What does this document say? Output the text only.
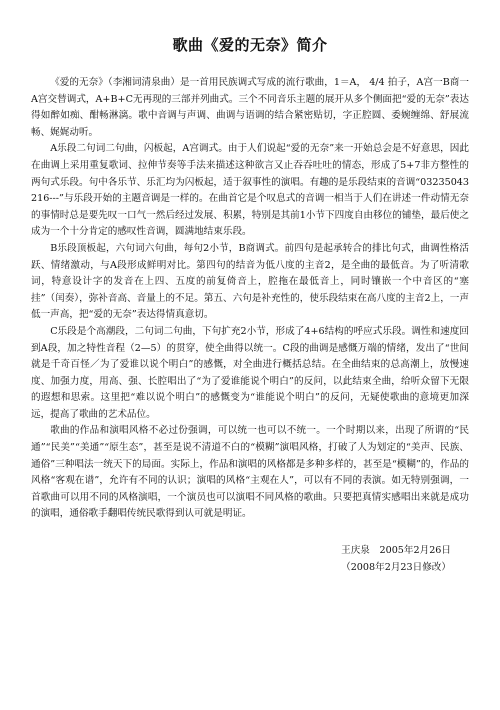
歌曲《爱的无奈》简介

《爱的无奈》（李湘词清泉曲）是一首用民族调式写成的流行歌曲，1＝A， 4/4 拍子，A宫一B商一A宫交替调式，A+B+C无再现的三部并列曲式。三个不同音乐主题的展开从多个侧面把“爱的无奈”表达得如醉如痴、酣畅淋漓。歌中音调与声调、曲调与语调的结合紧密贴切，字正腔圆、委婉缠绵、舒展流畅、娓娓动听。

A乐段二句词二句曲，闪板起，A宫调式。由于人们说起“爱的无奈”来一开始总会是不好意思，因此在曲调上采用重复歌词、拉伸节奏等手法来描述这种欲言又止吞吞吐吐的情态，形成了5+7非方整性的两句式乐段。句中各乐节、乐汇均为闪板起，适于叙事性的演唱。有趣的是乐段结束的音调“03235043216---”与乐段开始的主题音调是一样的。在曲首它是个叹息式的音调一相当于人们在讲述一件动情无奈的事情时总是要先叹一口气一然后经过发展、积累，特别是其前1小节下四度自由移位的铺垫，最后使之成为一个十分肯定的感叹性音调，圆满地结束乐段。

B乐段顶板起，六句词六句曲，每句2小节，B商调式。前四句是起承转合的排比句式，曲调性格活跃、情绪激动，与A段形成鲜明对比。第四句的结音为低八度的主音2，是全曲的最低音。为了听清歌词，特意设计字的发音在上四、五度的前复倚音上，腔拖在最低音上，同时镶嵌一个中音区的“塞挂”（闰奏），弥补音高、音量上的不足。第五、六句是补充性的，使乐段结束在高八度的主音2上，一声低一声高，把“爱的无奈”表达得情真意切。

C乐段是个高潮段，二句词二句曲，下句扩充2小节，形成了4+6结构的呼应式乐段。调性和速度回到A段，加之特性音程（2—5）的贯穿，使全曲得以统一。C段的曲调是感慨万端的情绪，发出了“世间就是千奇百怪／为了爱谁以说个明白”的感慨，对全曲进行概括总结。在全曲结束的总高潮上，放慢速度、加强力度，用高、强、长腔唱出了“为了爱谁能说个明白”的反问，以此结束全曲，给听众留下无限的遐想和思索。这里把“难以说个明白”的感慨变为“谁能说个明白”的反问，无疑使歌曲的意境更加深远，提高了歌曲的艺术品位。

歌曲的作品和演唱风格不必过份强调，可以统一也可以不统一。一个时期以来，出现了所谓的“民通”“民美”“美通”“原生态”，甚至是说不清道不白的“模糊”演唱风格，打破了人为划定的“美声、民族、通俗”三种唱法一统天下的局面。实际上，作品和演唱的风格都是多种多样的，甚至是“模糊”的，作品的风格“客观在谱”，允许有不同的认识；演唱的风格“主观在人”，可以有不同的表演。如无特别强调，一首歌曲可以用不同的风格演唱，一个演员也可以演唱不同风格的歌曲。只要把真情实感唱出来就是成功的演唱，通俗歌手翻唱传统民歌得到认可就是明证。

王庆泉　2005年2月26日
（2008年2月23日修改）
